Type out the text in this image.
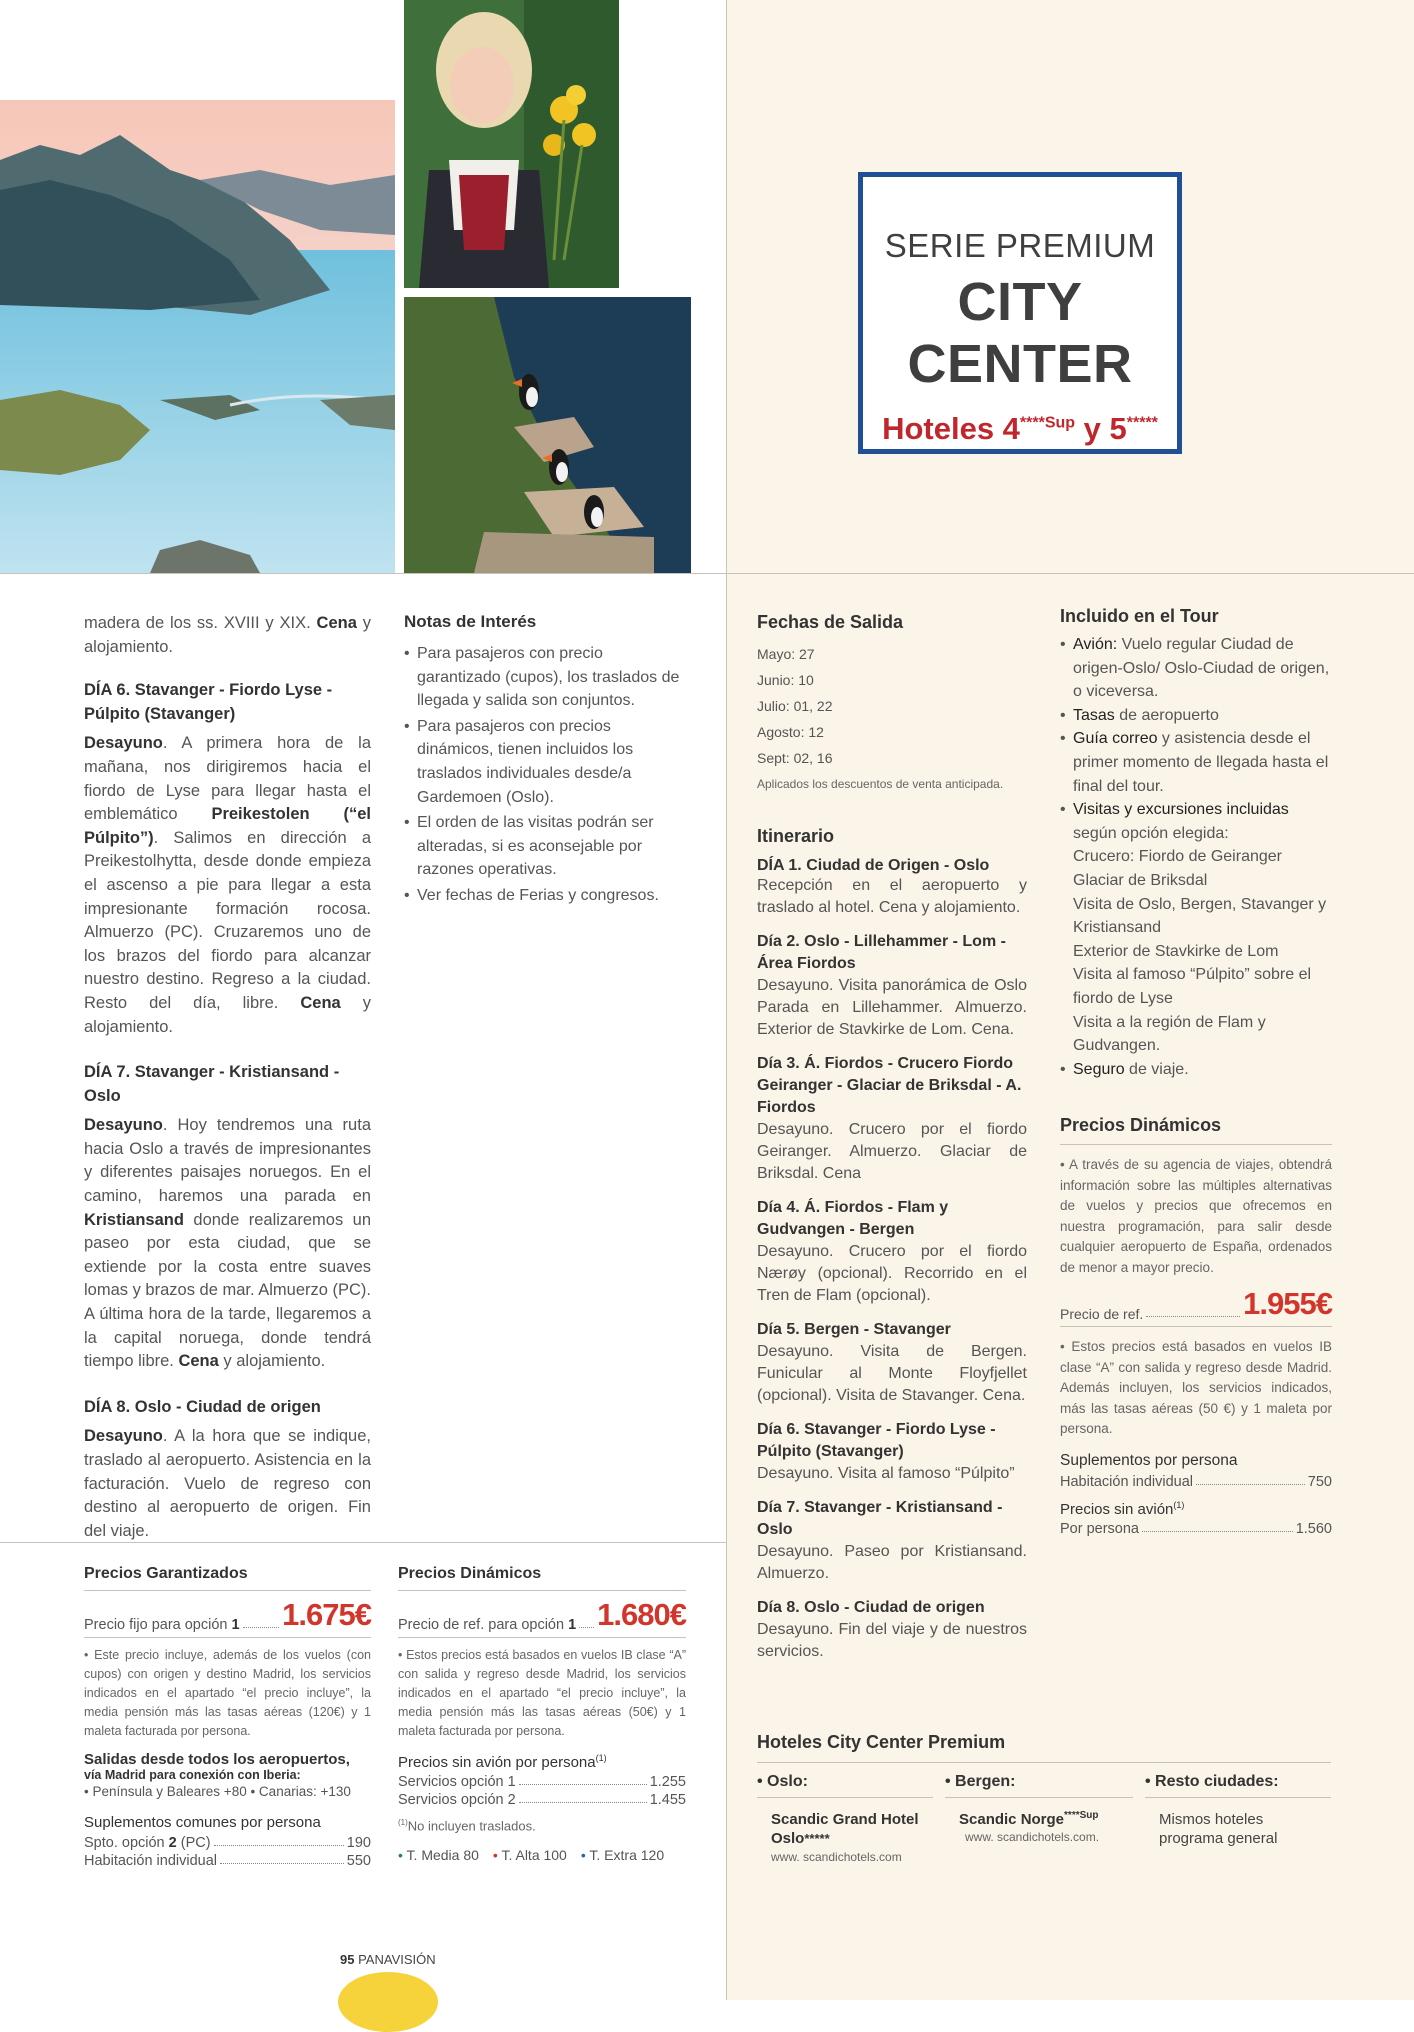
SERIE PREMIUM
CITY CENTER
Hoteles $4^{****Sup}$ y 5*****

madera de los ss. XVIII y XIX. Cena y alojamiento.

DÍA 6. Stavanger - Fiordo Lyse - Púlpito (Stavanger)

Desayuno. A primera hora de la mañana, nos dirigiremos hacia el fiordo de Lyse para llegar hasta el emblemático Preikestolen (“el Púlpito”). Salimos en dirección a Preikestolhytta, desde donde empieza el ascenso a pie para llegar a esta impresionante formación rocosa. Almuerzo (PC). Cruzaremos uno de los brazos del fiordo para alcanzar nuestro destino. Regreso a la ciudad. Resto del día, libre. Cena y alojamiento.

DÍA 7. Stavanger - Kristiansand - Oslo

Desayuno. Hoy tendremos una ruta hacia Oslo a través de impresionantes y diferentes paisajes noruegos. En el camino, haremos una parada en Kristiansand donde realizaremos un paseo por esta ciudad, que se extiende por la costa entre suaves lomas y brazos de mar. Almuerzo (PC). A última hora de la tarde, llegaremos a la capital noruega, donde tendrá tiempo libre. Cena y alojamiento.

DÍA 8. Oslo - Ciudad de origen

Desayuno. A la hora que se indique, traslado al aeropuerto. Asistencia en la facturación. Vuelo de regreso con destino al aeropuerto de origen. Fin del viaje.

Notas de Interés
• Para pasajeros con precio garantizado (cupos), los traslados de llegada y salida son conjuntos.
• Para pasajeros con precios dinámicos, tienen incluidos los traslados individuales desde/a Gardemoen (Oslo).
• El orden de las visitas podrán ser alteradas, si es aconsejable por razones operativas.
• Ver fechas de Ferias y congresos.
Precios Garantizados
Precio fijo para opción 1 1.675€
• Este precio incluye, además de los vuelos (con cupos) con origen y destino Madrid, los servicios indicados en el apartado “el precio incluye”, la media pensión más las tasas aéreas (120€) y 1 maleta facturada por persona.
Salidas desde todos los aeropuertos,
vía Madrid para conexión con Iberia:
• Península y Baleares +80 • Canarias: +130
Suplementos comunes por persona
Spto. opción 2 (PC)	190
Habitación individual	550
Precios Dinámicos
Precio de ref. para opción 1 1.680€
• Estos precios está basados en vuelos IB clase “A” con salida y regreso desde Madrid, los servicios indicados en el apartado “el precio incluye”, la media pensión más las tasas aéreas (50€) y 1 maleta facturada por persona.
Precios sin avión por persona$^{(1)}$
Servicios opción 1	1.255
Servicios opción 2	1.455
$^{(1)}$No incluyen traslados.
• T. Media 80 • T. Alta 100 • T. Extra 120
Fechas de Salida
Mayo: 27
Junio: 10
Julio: 01, 22
Agosto: 12
Sept: 02, 16
Aplicados los descuentos de venta anticipada.
Itinerario
DÍA 1. Ciudad de Origen - Oslo
Recepción en el aeropuerto y traslado al hotel. Cena y alojamiento.
Día 2. Oslo - Lillehammer - Lom - Área Fiordos
Desayuno. Visita panorámica de Oslo Parada en Lillehammer. Almuerzo. Exterior de Stavkirke de Lom. Cena.
Día 3. Á. Fiordos - Crucero Fiordo Geiranger - Glaciar de Briksdal - A. Fiordos
Desayuno. Crucero por el fiordo Geiranger. Almuerzo. Glaciar de Briksdal. Cena
Día 4. Á. Fiordos - Flam y Gudvangen - Bergen
Desayuno. Crucero por el fiordo Nærøy (opcional). Recorrido en el Tren de Flam (opcional).
Día 5. Bergen - Stavanger
Desayuno. Visita de Bergen. Funicular al Monte Floyfjellet (opcional). Visita de Stavanger. Cena.
Día 6. Stavanger - Fiordo Lyse - Púlpito (Stavanger)
Desayuno. Visita al famoso “Púlpito”
Día 7. Stavanger - Kristiansand - Oslo
Desayuno. Paseo por Kristiansand. Almuerzo.
Día 8. Oslo - Ciudad de origen
Desayuno. Fin del viaje y de nuestros servicios.
Incluido en el Tour
• Avión: Vuelo regular Ciudad de origen-Oslo/ Oslo-Ciudad de origen, o viceversa.
• Tasas de aeropuerto
• Guía correo y asistencia desde el primer momento de llegada hasta el final del tour.
• Visitas y excursiones incluidas según opción elegida:
Crucero: Fiordo de Geiranger
Glaciar de Briksdal
Visita de Oslo, Bergen, Stavanger y Kristiansand
Exterior de Stavkirke de Lom
Visita al famoso “Púlpito” sobre el fiordo de Lyse
Visita a la región de Flam y Gudvangen.
• Seguro de viaje.
Precios Dinámicos
• A través de su agencia de viajes, obtendrá información sobre las múltiples alternativas de vuelos y precios que ofrecemos en nuestra programación, para salir desde cualquier aeropuerto de España, ordenados de menor a mayor precio.
Precio de ref.	1.955€
• Estos precios está basados en vuelos IB clase “A” con salida y regreso desde Madrid. Además incluyen, los servicios indicados, más las tasas aéreas (50 €) y 1 maleta por persona.
Suplementos por persona
Habitación individual	750
Precios sin avión$^{(1)}$
Por persona	1.560
Hoteles City Center Premium
• Oslo:
Scandic Grand Hotel Oslo*****
www. scandichotels.com
• Bergen:
Scandic Norge$^{****Sup}$
www. scandichotels.com.
• Resto ciudades:
Mismos hoteles programa general
95 PANAVISIÓN
